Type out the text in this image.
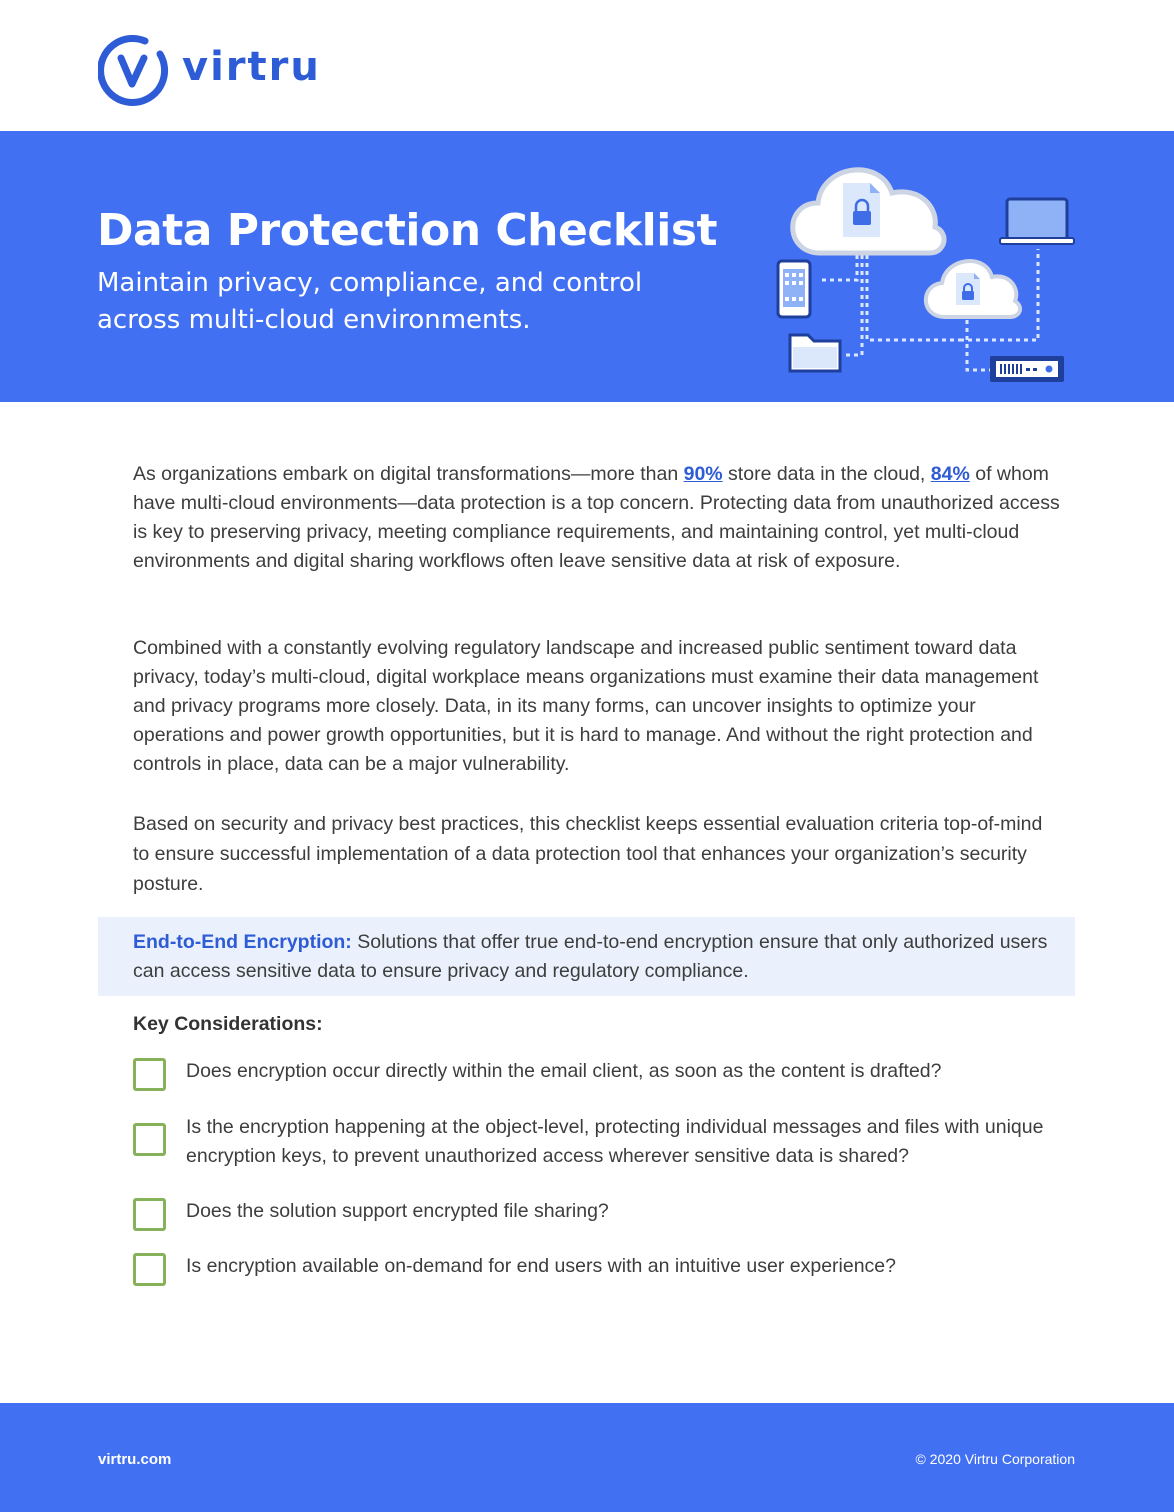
virtru
Data Protection Checklist

Maintain privacy, compliance, and control across multi-cloud environments.

As organizations embark on digital transformations—more than 90% store data in the cloud, 84% of whom have multi-cloud environments—data protection is a top concern. Protecting data from unauthorized access is key to preserving privacy, meeting compliance requirements, and maintaining control, yet multi-cloud environments and digital sharing workflows often leave sensitive data at risk of exposure.

Combined with a constantly evolving regulatory landscape and increased public sentiment toward data privacy, today’s multi-cloud, digital workplace means organizations must examine their data management and privacy programs more closely. Data, in its many forms, can uncover insights to optimize your operations and power growth opportunities, but it is hard to manage. And without the right protection and controls in place, data can be a major vulnerability.

Based on security and privacy best practices, this checklist keeps essential evaluation criteria top-of-mind to ensure successful implementation of a data protection tool that enhances your organization’s security posture.

End-to-End Encryption: Solutions that offer true end-to-end encryption ensure that only authorized users can access sensitive data to ensure privacy and regulatory compliance.

Key Considerations:

Does encryption occur directly within the email client, as soon as the content is drafted?

Is the encryption happening at the object-level, protecting individual messages and files with unique encryption keys, to prevent unauthorized access wherever sensitive data is shared?

Does the solution support encrypted file sharing?

Is encryption available on-demand for end users with an intuitive user experience?

virtru.com	© 2020 Virtru Corporation
